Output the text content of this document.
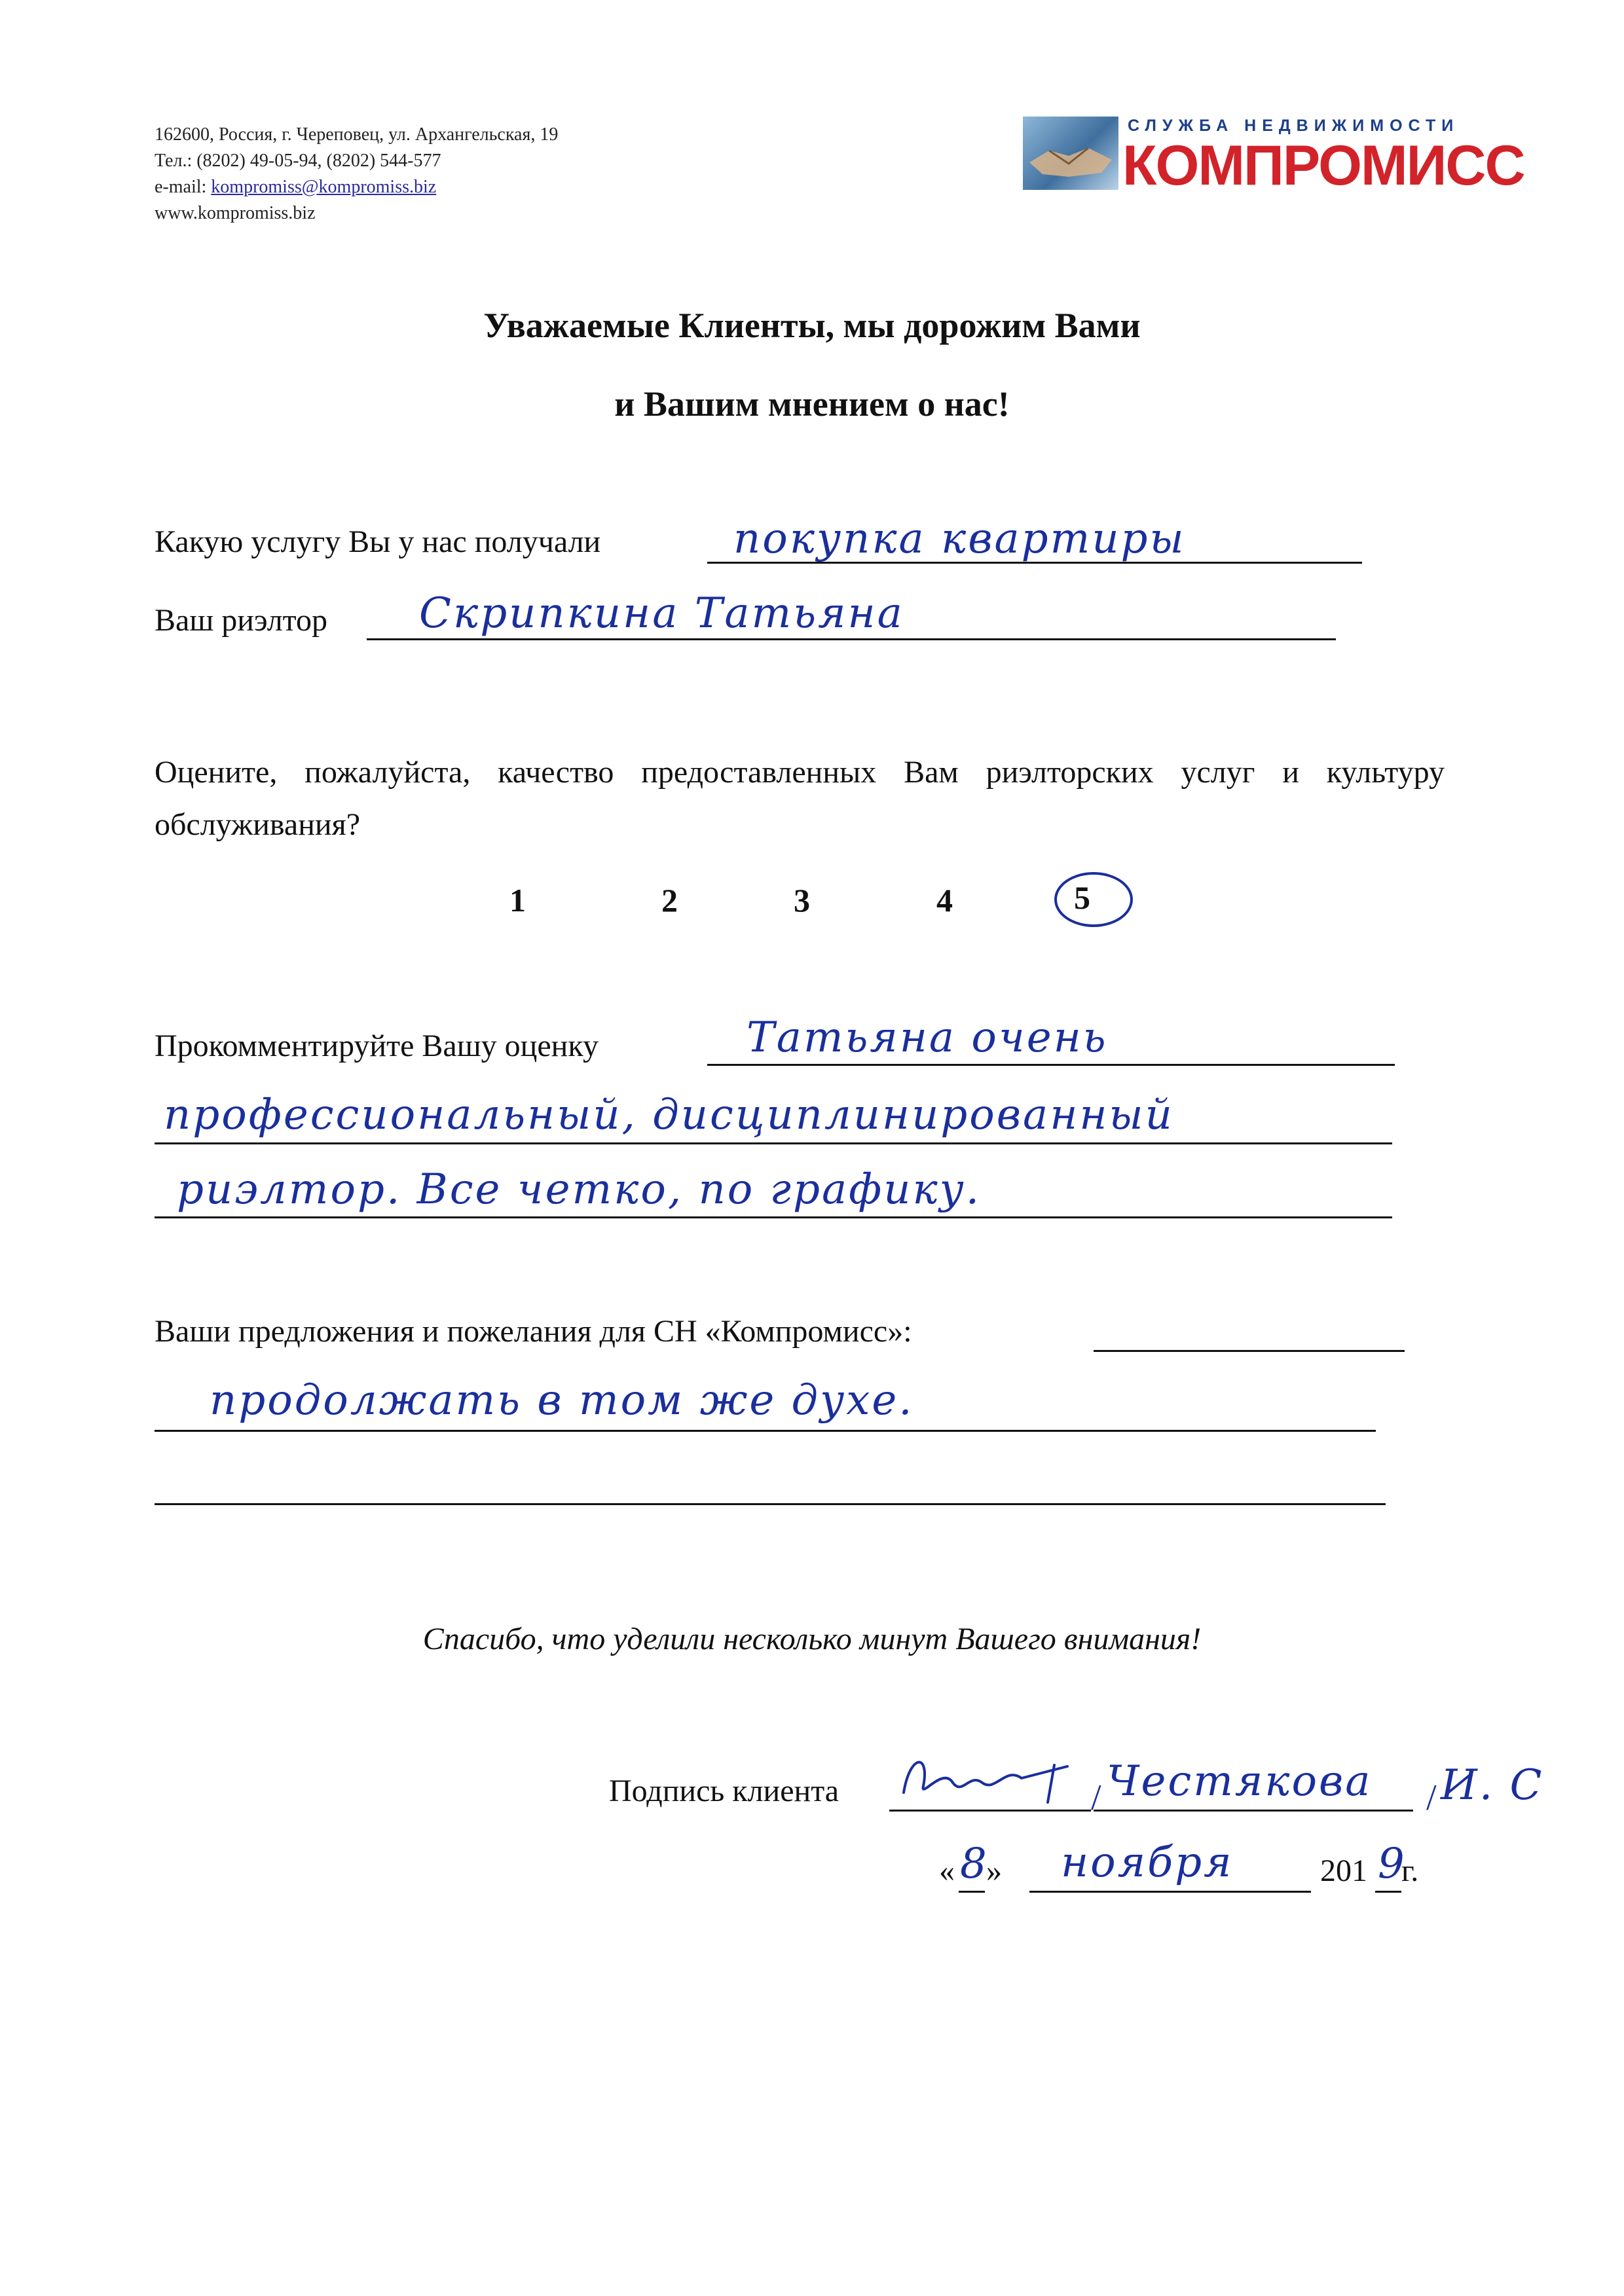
162600, Россия, г. Череповец, ул. Архангельская, 19
Тел.: (8202) 49-05-94, (8202) 544-577
e-mail: kompromiss@kompromiss.biz
www.kompromiss.biz
СЛУЖБА НЕДВИЖИМОСТИ
КОМПРОМИСС
Уважаемые Клиенты, мы дорожим Вами
и Вашим мнением о нас!
Какую услугу Вы у нас получали	покупка квартиры
Ваш риэлтор Скрипкина Татьяна
Оцените, пожалуйста, качество предоставленных Вам риэлторских услуг и культуру обслуживания?
1	2	3	4	5
Прокомментируйте Вашу оценку	Татьяна очень
профессиональный, дисциплинированный
риэлтор. Все четко, по графику.
Ваши предложения и пожелания для СН «Компромисс»:
продолжать в том же духе.
Спасибо, что уделили несколько минут Вашего внимания!
Подпись клиента	/ Честякова / И. С
« 8
» ноября	201 9
г.
